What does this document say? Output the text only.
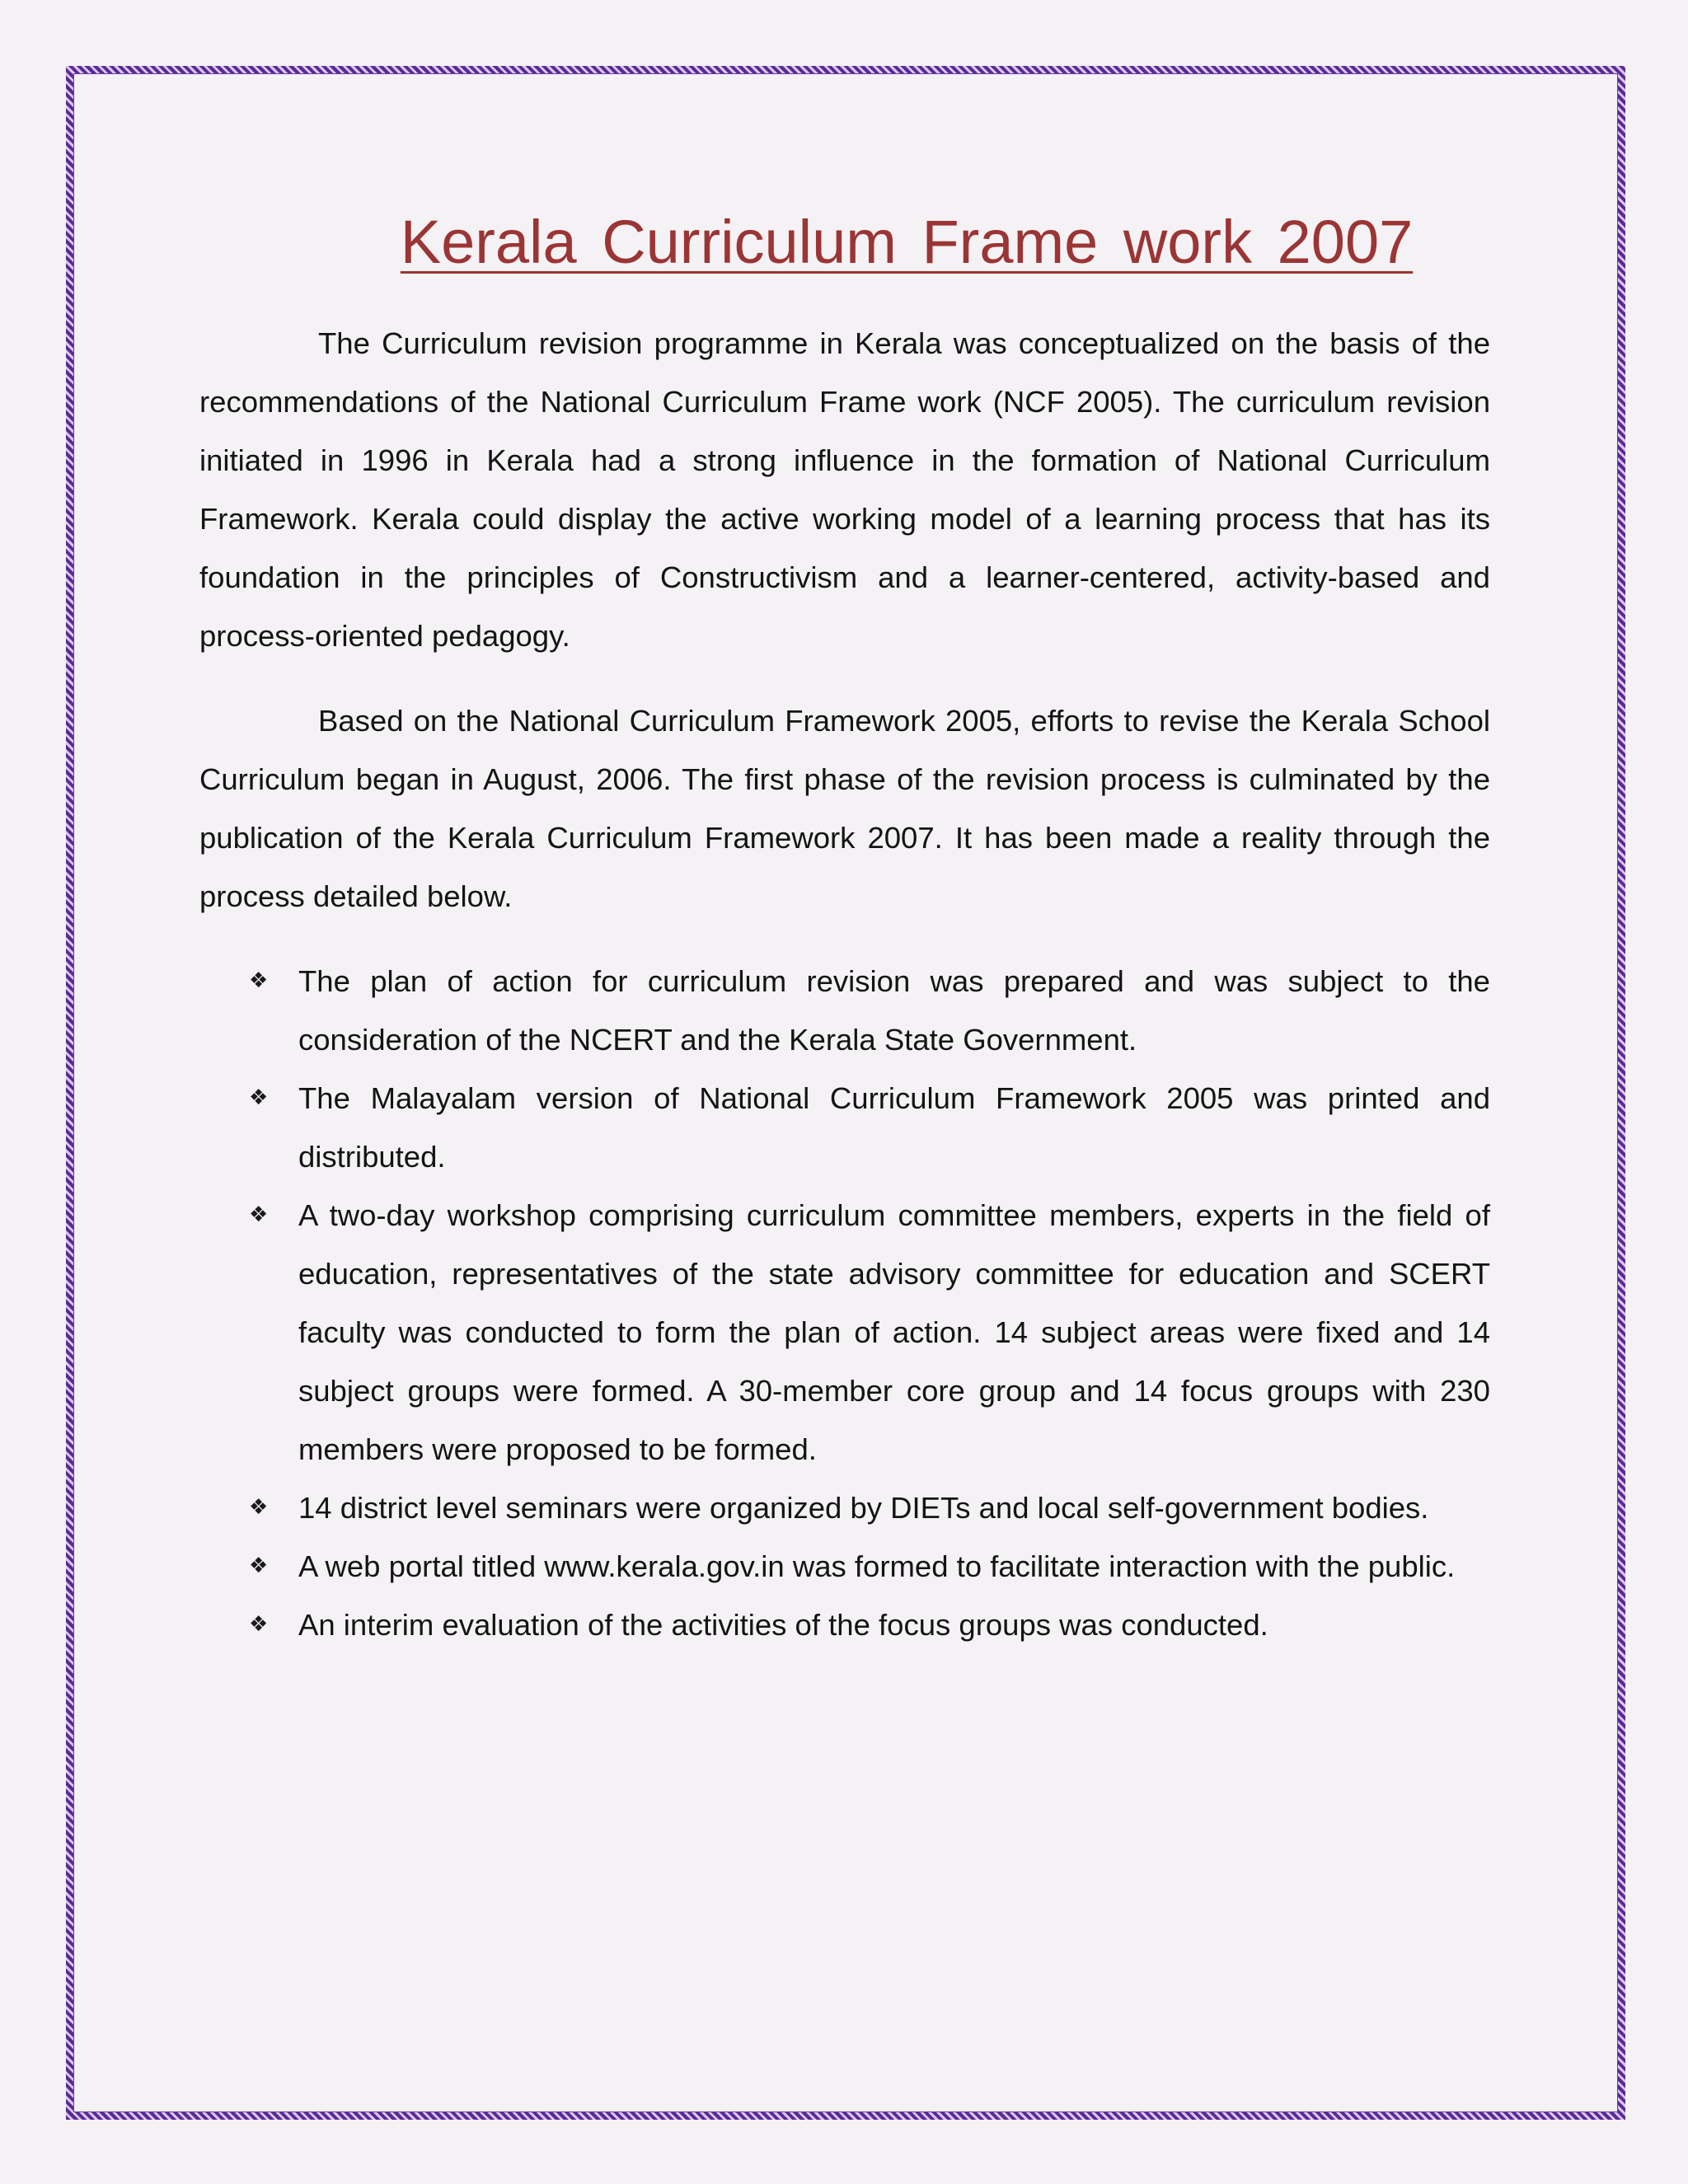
Kerala Curriculum Frame work 2007

The Curriculum revision programme in Kerala was conceptualized on the basis of the recommendations of the National Curriculum Frame work (NCF 2005). The curriculum revision initiated in 1996 in Kerala had a strong influence in the formation of National Curriculum Framework. Kerala could display the active working model of a learning process that has its foundation in the principles of Constructivism and a learner-centered, activity-based and process-oriented pedagogy.

Based on the National Curriculum Framework 2005, efforts to revise the Kerala School Curriculum began in August, 2006. The first phase of the revision process is culminated by the publication of the Kerala Curriculum Framework 2007. It has been made a reality through the process detailed below.

❖ The plan of action for curriculum revision was prepared and was subject to the consideration of the NCERT and the Kerala State Government.
❖ The Malayalam version of National Curriculum Framework 2005 was printed and distributed.
❖ A two-day workshop comprising curriculum committee members, experts in the field of education, representatives of the state advisory committee for education and SCERT faculty was conducted to form the plan of action. 14 subject areas were fixed and 14 subject groups were formed. A 30-member core group and 14 focus groups with 230 members were proposed to be formed.
❖ 14 district level seminars were organized by DIETs and local self-government bodies.
❖ A web portal titled www.kerala.gov.in was formed to facilitate interaction with the public.
❖ An interim evaluation of the activities of the focus groups was conducted.
